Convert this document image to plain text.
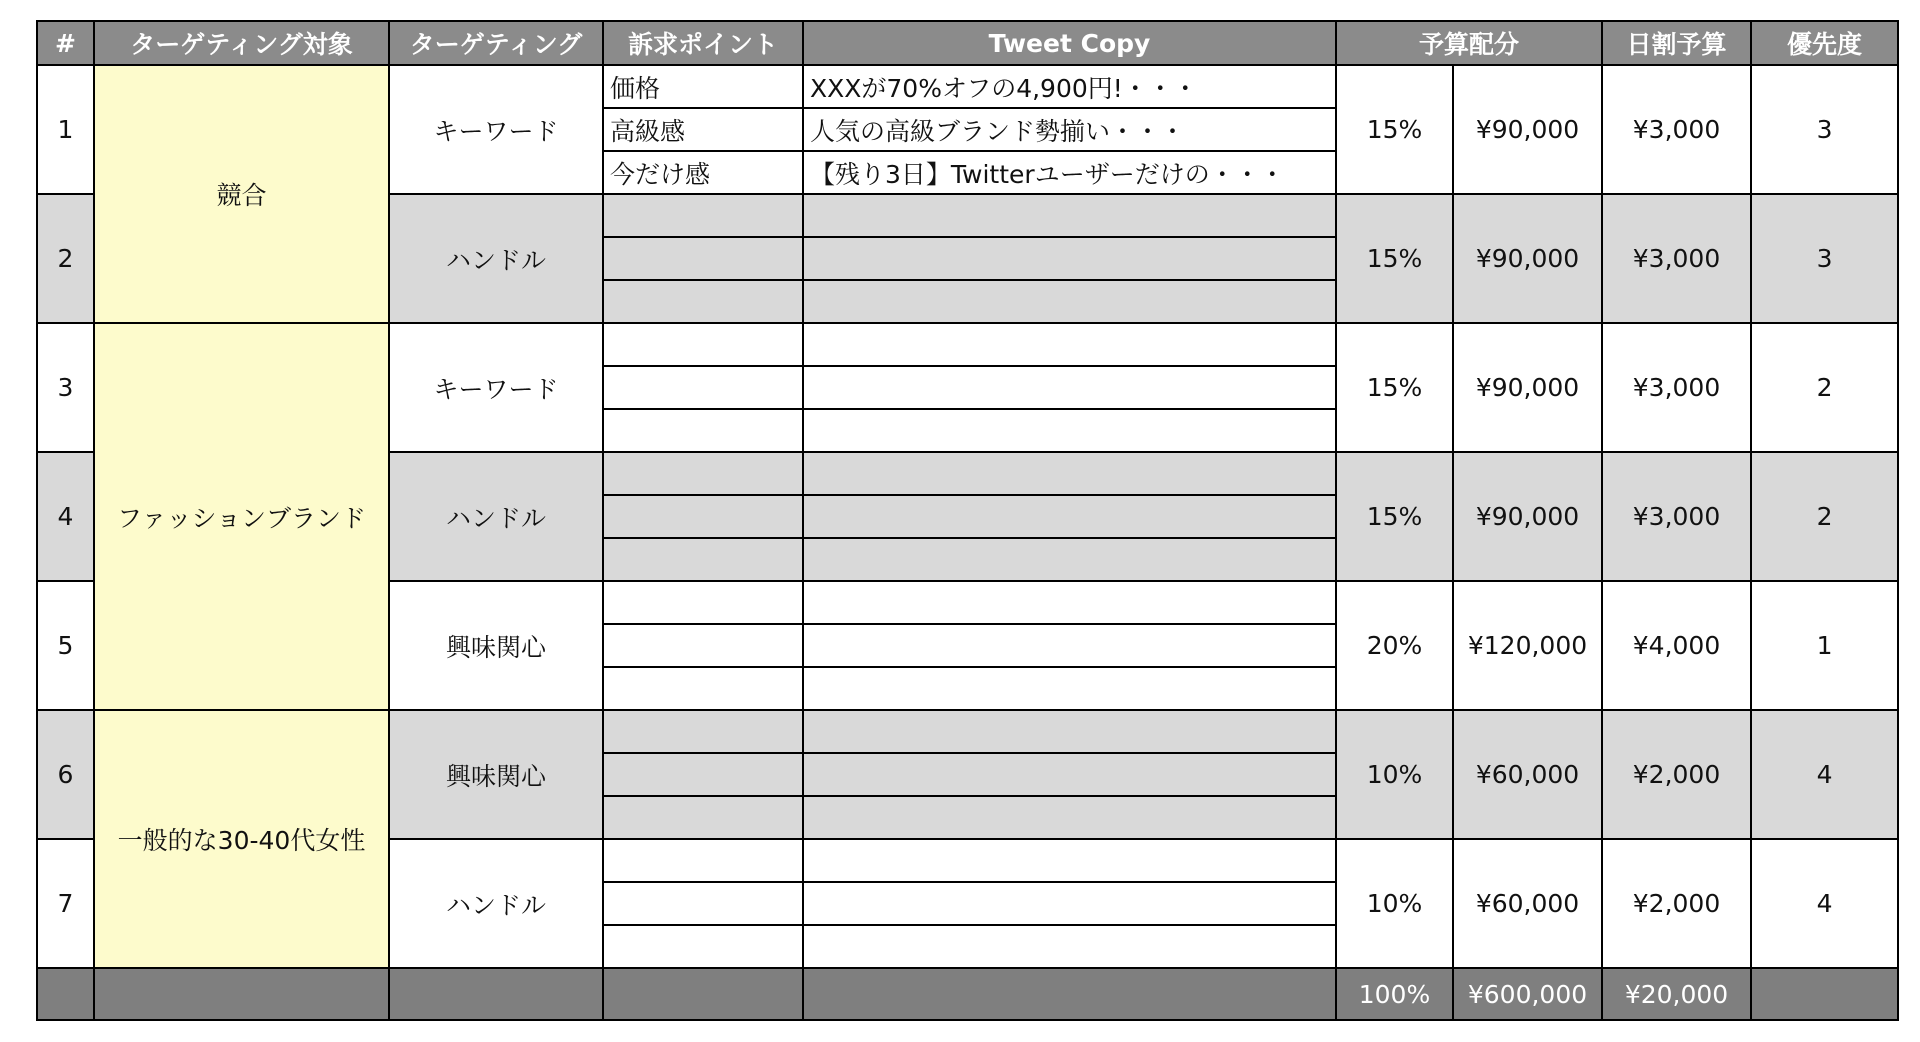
#	ターゲティング対象	ターゲティング	訴求ポイント	Tweet Copy	予算配分		日割予算	優先度
1	競合	キーワード	価格	XXXが70%オフの4,900円!・・・	15%	¥90,000	¥3,000	3
			高級感	人気の高級ブランド勢揃い・・・				
			今だけ感	【残り3日】Twitterユーザーだけの・・・				
2		ハンドル			15%	¥90,000	¥3,000	3

3	ファッションブランド	キーワード			15%	¥90,000	¥3,000	2

4		ハンドル			15%	¥90,000	¥3,000	2

5		興味関心			20%	¥120,000	¥4,000	1

6	一般的な30-40代女性	興味関心			10%	¥60,000	¥2,000	4

7		ハンドル			10%	¥60,000	¥2,000	4

					100%	¥600,000	¥20,000	
